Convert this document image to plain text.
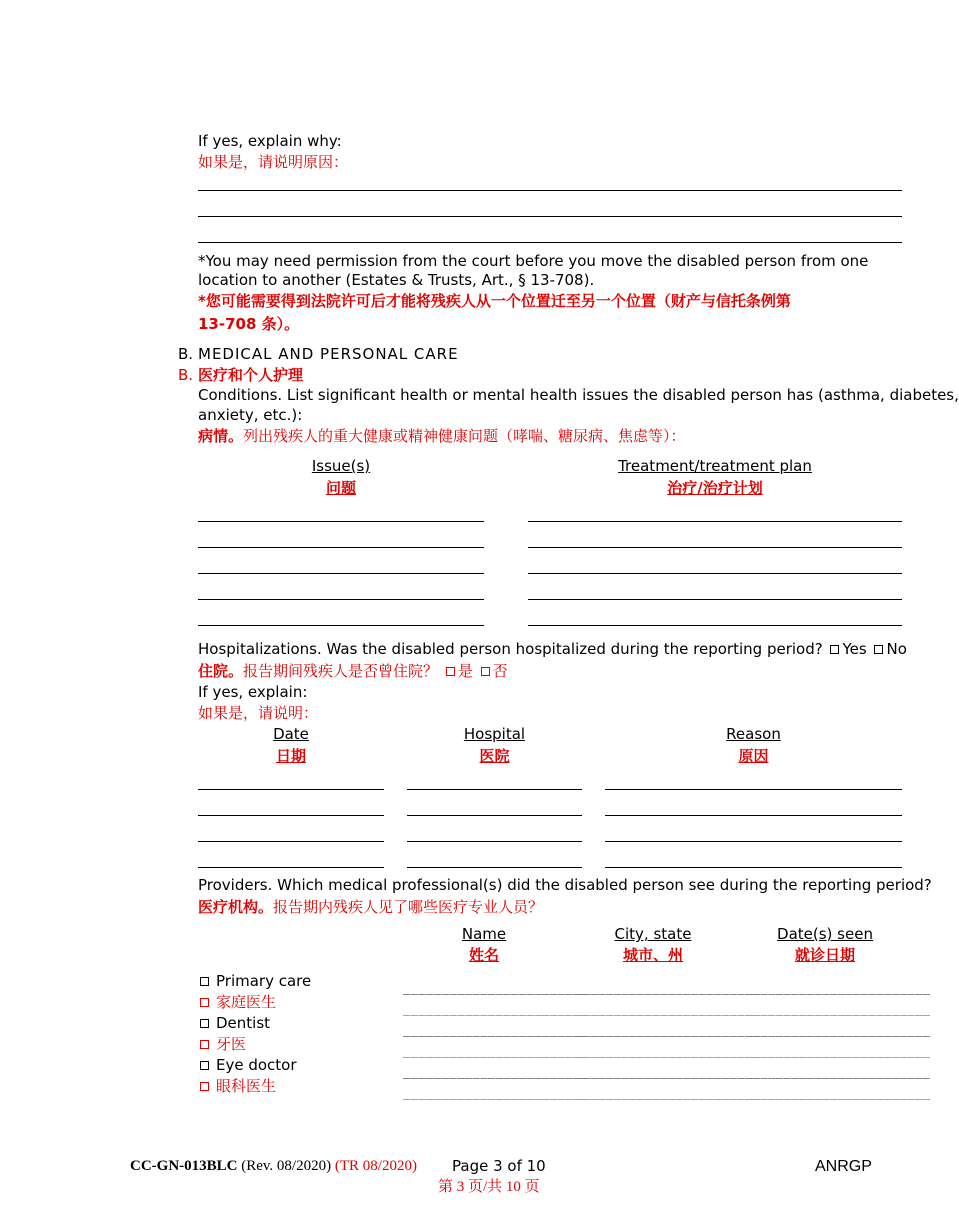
If yes, explain why:
如果是，请说明原因：
*You may need permission from the court before you move the disabled person from one
location to another (Estates & Trusts, Art., § 13-708).
*您可能需要得到法院许可后才能将残疾人从一个位置迁至另一个位置（财产与信托条例第
13-708 条）。
B. MEDICAL AND PERSONAL CARE
B. 医疗和个人护理
Conditions. List significant health or mental health issues the disabled person has (asthma, diabetes,
anxiety, etc.):
病情。列出残疾人的重大健康或精神健康问题（哮喘、糖尿病、焦虑等）：
Issue(s)
问题
Treatment/treatment plan
治疗/治疗计划
Hospitalizations. Was the disabled person hospitalized during the reporting period? Yes No
住院。报告期间残疾人是否曾住院？ 是 否
If yes, explain:
如果是，请说明：
Date
日期
Hospital
医院
Reason
原因
Providers. Which medical professional(s) did the disabled person see during the reporting period?
医疗机构。报告期内残疾人见了哪些医疗专业人员？
Name
姓名
City, state
城市、州
Date(s) seen
就诊日期
Primary care
家庭医生
Dentist
牙医
Eye doctor
眼科医生
________________________
________________________
________________________
________________________
________________________
________________________
________________________
________________________
________________________
________________________
________________________
________________________
________________________
________________________
________________________
________________________
________________________
________________________
CC-GN-013BLC (Rev. 08/2020) (TR 08/2020) Page 3 of 10
第 3 页/共 10 页
ANRGP
